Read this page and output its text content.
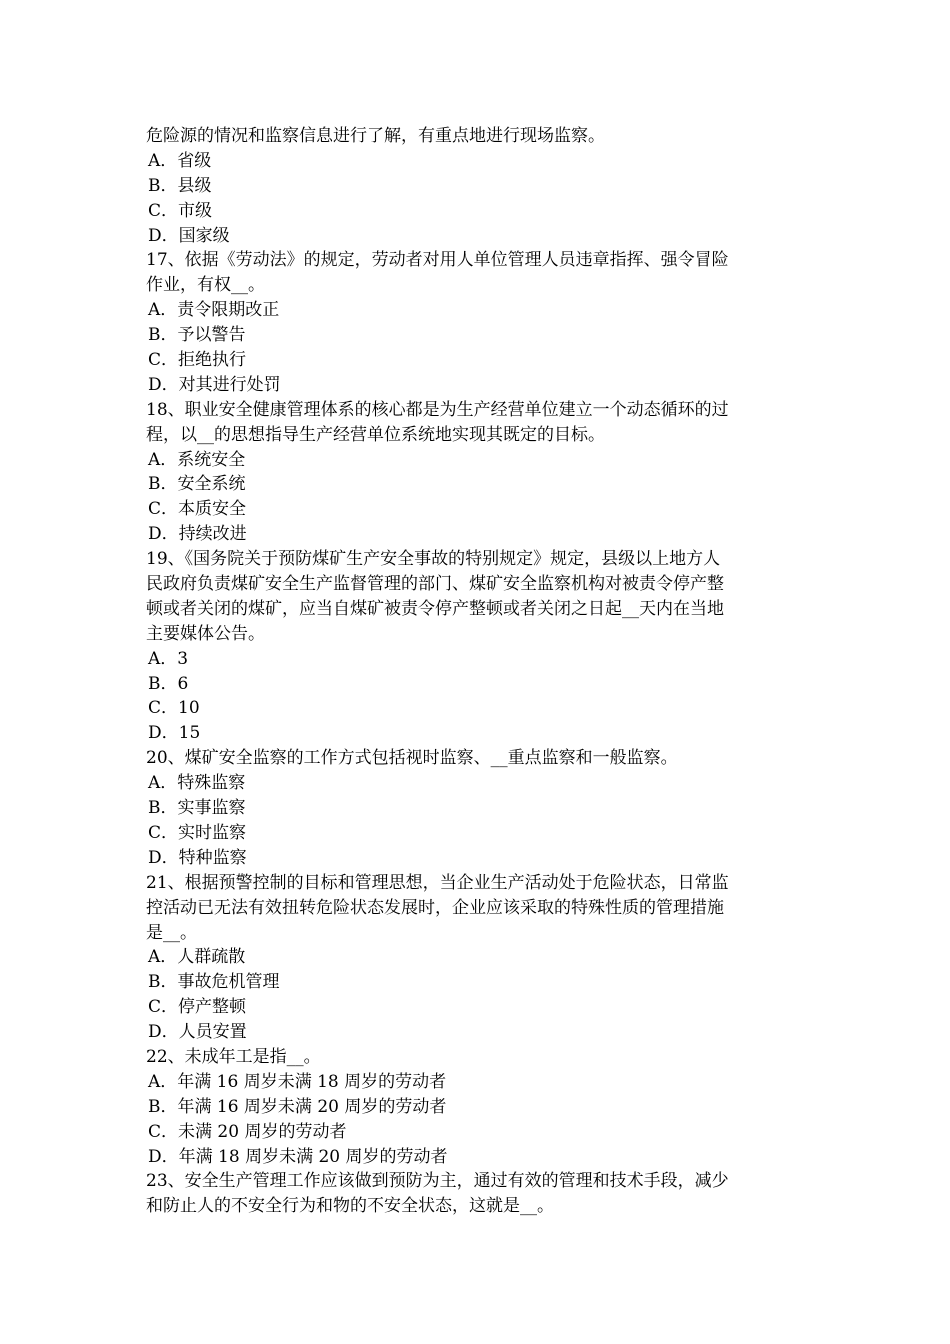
危险源的情况和监察信息进行了解，有重点地进行现场监察。
A．省级
B．县级
C．市级
D．国家级
17、依据《劳动法》的规定，劳动者对用人单位管理人员违章指挥、强令冒险
作业，有权__。
A．责令限期改正
B．予以警告
C．拒绝执行
D．对其进行处罚
18、职业安全健康管理体系的核心都是为生产经营单位建立一个动态循环的过
程，以__的思想指导生产经营单位系统地实现其既定的目标。
A．系统安全
B．安全系统
C．本质安全
D．持续改进
19、《国务院关于预防煤矿生产安全事故的特别规定》规定，县级以上地方人
民政府负责煤矿安全生产监督管理的部门、煤矿安全监察机构对被责令停产整
顿或者关闭的煤矿，应当自煤矿被责令停产整顿或者关闭之日起__天内在当地
主要媒体公告。
A．3
B．6
C．10
D．15
20、煤矿安全监察的工作方式包括视时监察、__重点监察和一般监察。
A．特殊监察
B．实事监察
C．实时监察
D．特种监察
21、根据预警控制的目标和管理思想，当企业生产活动处于危险状态，日常监
控活动已无法有效扭转危险状态发展时，企业应该采取的特殊性质的管理措施
是__。
A．人群疏散
B．事故危机管理
C．停产整顿
D．人员安置
22、未成年工是指__。
A．年满 16 周岁未满 18 周岁的劳动者
B．年满 16 周岁未满 20 周岁的劳动者
C．未满 20 周岁的劳动者
D．年满 18 周岁未满 20 周岁的劳动者
23、安全生产管理工作应该做到预防为主，通过有效的管理和技术手段，减少
和防止人的不安全行为和物的不安全状态，这就是__。
